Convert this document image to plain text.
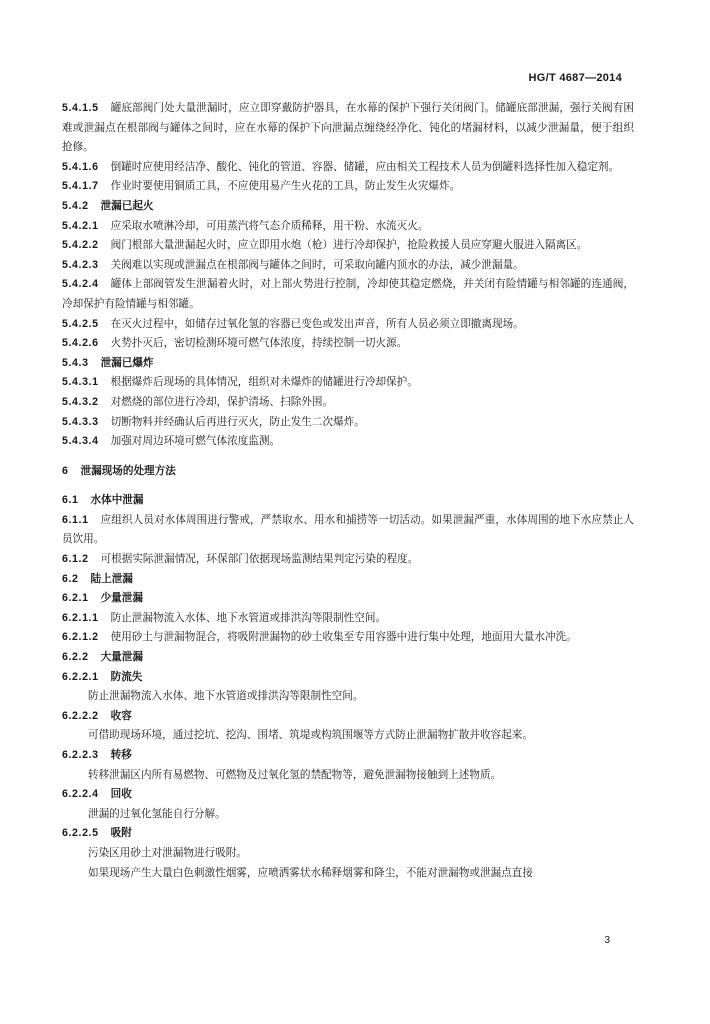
HG/T 4687—2014

5.4.1.5 罐底部阀门处大量泄漏时，应立即穿戴防护器具，在水幕的保护下强行关闭阀门。储罐底部泄漏，强行关阀有困难或泄漏点在根部阀与罐体之间时，应在水幕的保护下向泄漏点缠绕经净化、钝化的堵漏材料，以减少泄漏量，便于组织抢修。

5.4.1.6 倒罐时应使用经洁净、酸化、钝化的管道、容器、储罐，应由相关工程技术人员为倒罐料选择性加入稳定剂。

5.4.1.7 作业时要使用铜质工具，不应使用易产生火花的工具，防止发生火灾爆炸。

5.4.2 泄漏已起火

5.4.2.1 应采取水喷淋冷却，可用蒸汽将气态介质稀释，用干粉、水流灭火。

5.4.2.2 阀门根部大量泄漏起火时，应立即用水炮（枪）进行冷却保护，抢险救援人员应穿避火服进入隔离区。

5.4.2.3 关阀难以实现或泄漏点在根部阀与罐体之间时，可采取向罐内顶水的办法，减少泄漏量。

5.4.2.4 罐体上部阀管发生泄漏着火时，对上部火势进行控制，冷却使其稳定燃烧，并关闭有险情罐与相邻罐的连通阀，冷却保护有险情罐与相邻罐。

5.4.2.5 在灭火过程中，如储存过氧化氢的容器已变色或发出声音，所有人员必须立即撤离现场。

5.4.2.6 火势扑灭后，密切检测环境可燃气体浓度，持续控制一切火源。

5.4.3 泄漏已爆炸

5.4.3.1 根据爆炸后现场的具体情况，组织对未爆炸的储罐进行冷却保护。

5.4.3.2 对燃烧的部位进行冷却，保护清场、扫除外围。

5.4.3.3 切断物料并经确认后再进行灭火，防止发生二次爆炸。

5.4.3.4 加强对周边环境可燃气体浓度监测。

6 泄漏现场的处理方法

6.1 水体中泄漏

6.1.1 应组织人员对水体周围进行警戒，严禁取水、用水和捕捞等一切活动。如果泄漏严重，水体周围的地下水应禁止人员饮用。

6.1.2 可根据实际泄漏情况，环保部门依据现场监测结果判定污染的程度。

6.2 陆上泄漏

6.2.1 少量泄漏

6.2.1.1 防止泄漏物流入水体、地下水管道或排洪沟等限制性空间。

6.2.1.2 使用砂土与泄漏物混合，将吸附泄漏物的砂土收集至专用容器中进行集中处理，地面用大量水冲洗。

6.2.2 大量泄漏

6.2.2.1 防流失

防止泄漏物流入水体、地下水管道或排洪沟等限制性空间。

6.2.2.2 收容

可借助现场环境，通过挖坑、挖沟、围堵、筑堤或构筑围堰等方式防止泄漏物扩散并收容起来。

6.2.2.3 转移

转移泄漏区内所有易燃物、可燃物及过氧化氢的禁配物等，避免泄漏物接触到上述物质。

6.2.2.4 回收

泄漏的过氧化氢能自行分解。

6.2.2.5 吸附

污染区用砂土对泄漏物进行吸附。

如果现场产生大量白色刺激性烟雾，应喷洒雾状水稀释烟雾和降尘，不能对泄漏物或泄漏点直接

3
